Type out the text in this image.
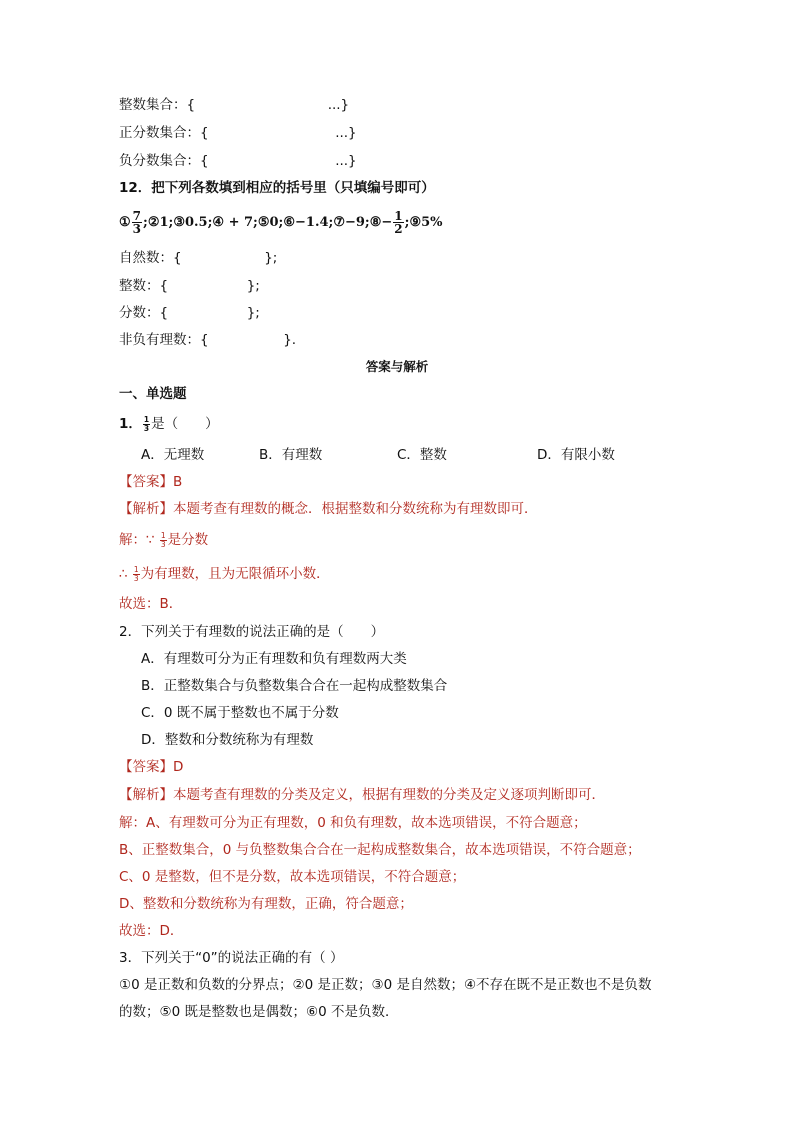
整数集合：{	...}
正分数集合：{	...}
负分数集合：{	...}
12．把下列各数填到相应的括号里（只填编号即可）
① $\frac{7}{3}$ ;②1;③0.5;④ + 7;⑤0;⑥−1.4;⑦−9;⑧− $\frac{1}{2}$ ;⑨5%
自然数：{	};
整数：{	};
分数：{	};
非负有理数：{	}.
答案与解析
一、单选题
1． $\frac{1}{3}$ 是（　　）
A．无理数	B．有理数	C．整数	D．有限小数
【答案】B
【解析】本题考查有理数的概念．根据整数和分数统称为有理数即可．
解：∵ $\frac{1}{3}$ 是分数
∴ $\frac{1}{3}$ 为有理数，且为无限循环小数．
故选：B．
2．下列关于有理数的说法正确的是（　　）
A．有理数可分为正有理数和负有理数两大类
B．正整数集合与负整数集合合在一起构成整数集合
C．0 既不属于整数也不属于分数
D．整数和分数统称为有理数
【答案】D
【解析】本题考查有理数的分类及定义，根据有理数的分类及定义逐项判断即可．
解：A、有理数可分为正有理数，0 和负有理数，故本选项错误，不符合题意；
B、正整数集合，0 与负整数集合合在一起构成整数集合，故本选项错误，不符合题意；
C、0 是整数，但不是分数，故本选项错误，不符合题意；
D、整数和分数统称为有理数，正确，符合题意；
故选：D．
3．下列关于“0”的说法正确的有（ ）
①0 是正数和负数的分界点；②0 是正数；③0 是自然数；④不存在既不是正数也不是负数
的数；⑤0 既是整数也是偶数；⑥0 不是负数．
